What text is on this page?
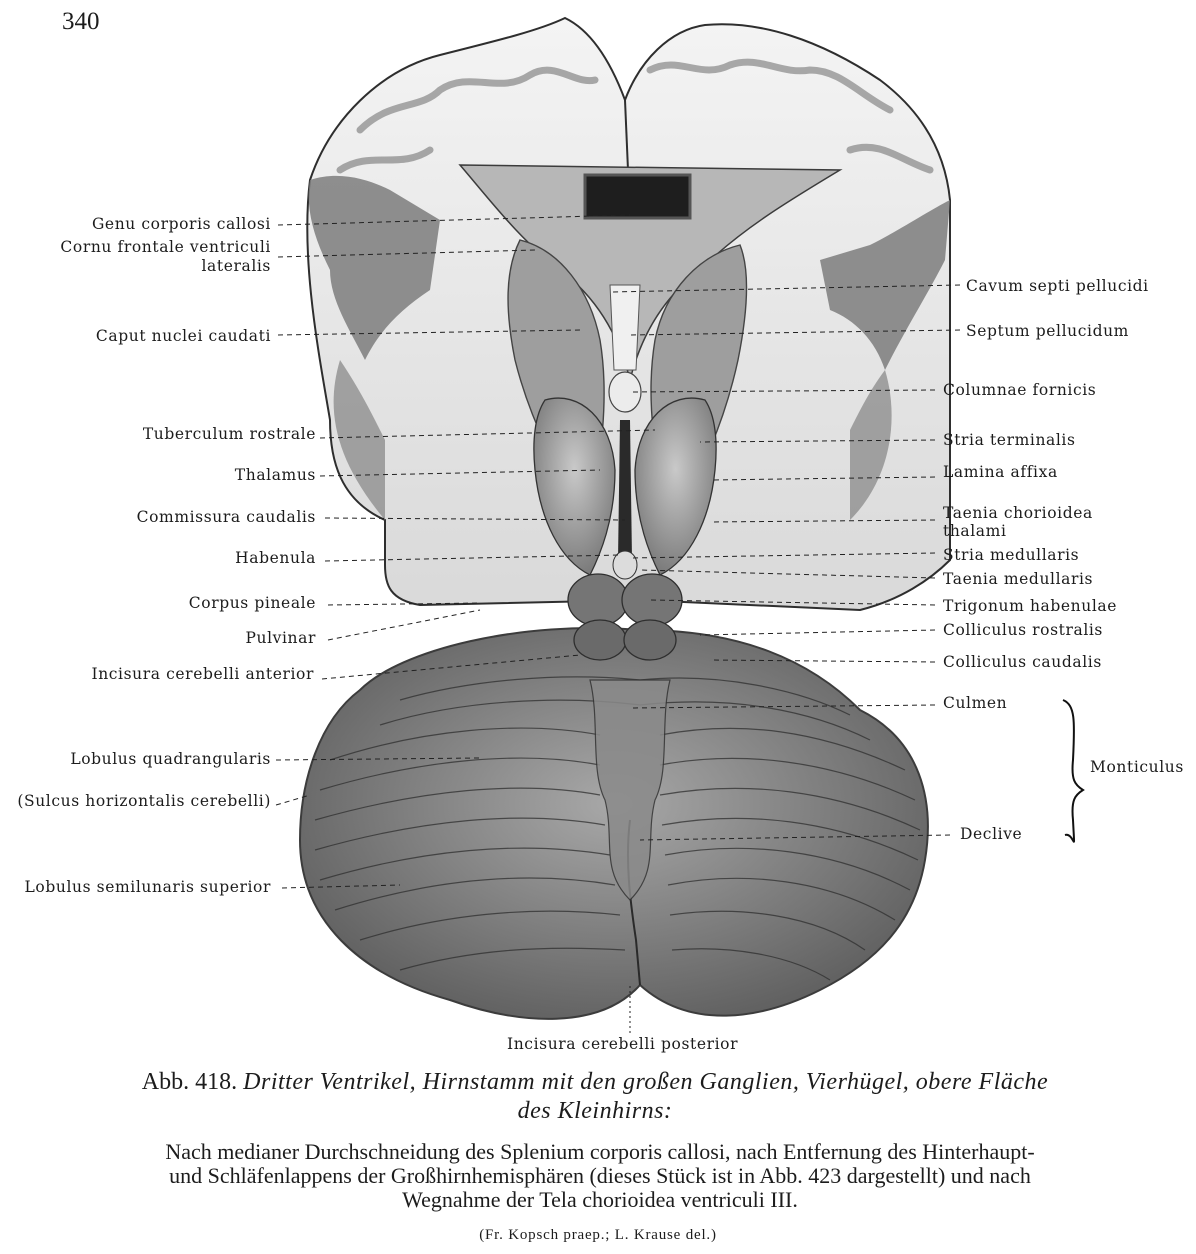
340
Genu corporis callosi
Cornu frontale ventriculi
lateralis
Caput nuclei caudati
Tuberculum rostrale
Thalamus
Commissura caudalis
Habenula
Corpus pineale
Pulvinar
Incisura cerebelli anterior
Lobulus quadrangularis
(Sulcus horizontalis cerebelli)
Lobulus semilunaris superior
Cavum septi pellucidi
Septum pellucidum
Columnae fornicis
Stria terminalis
Lamina affixa
Taenia chorioidea
thalami
Stria medullaris
Taenia medullaris
Trigonum habenulae
Colliculus rostralis
Colliculus caudalis
Culmen
Declive
Monticulus
Incisura cerebelli posterior
Abb. 418. Dritter Ventrikel, Hirnstamm mit den großen Ganglien, Vierhügel, obere Fläche
des Kleinhirns:
Nach medianer Durchschneidung des Splenium corporis callosi, nach Entfernung des Hinterhaupt-
und Schläfenlappens der Großhirnhemisphären (dieses Stück ist in Abb. 423 dargestellt) und nach
Wegnahme der Tela chorioidea ventriculi III.
(Fr. Kopsch praep.; L. Krause del.)
